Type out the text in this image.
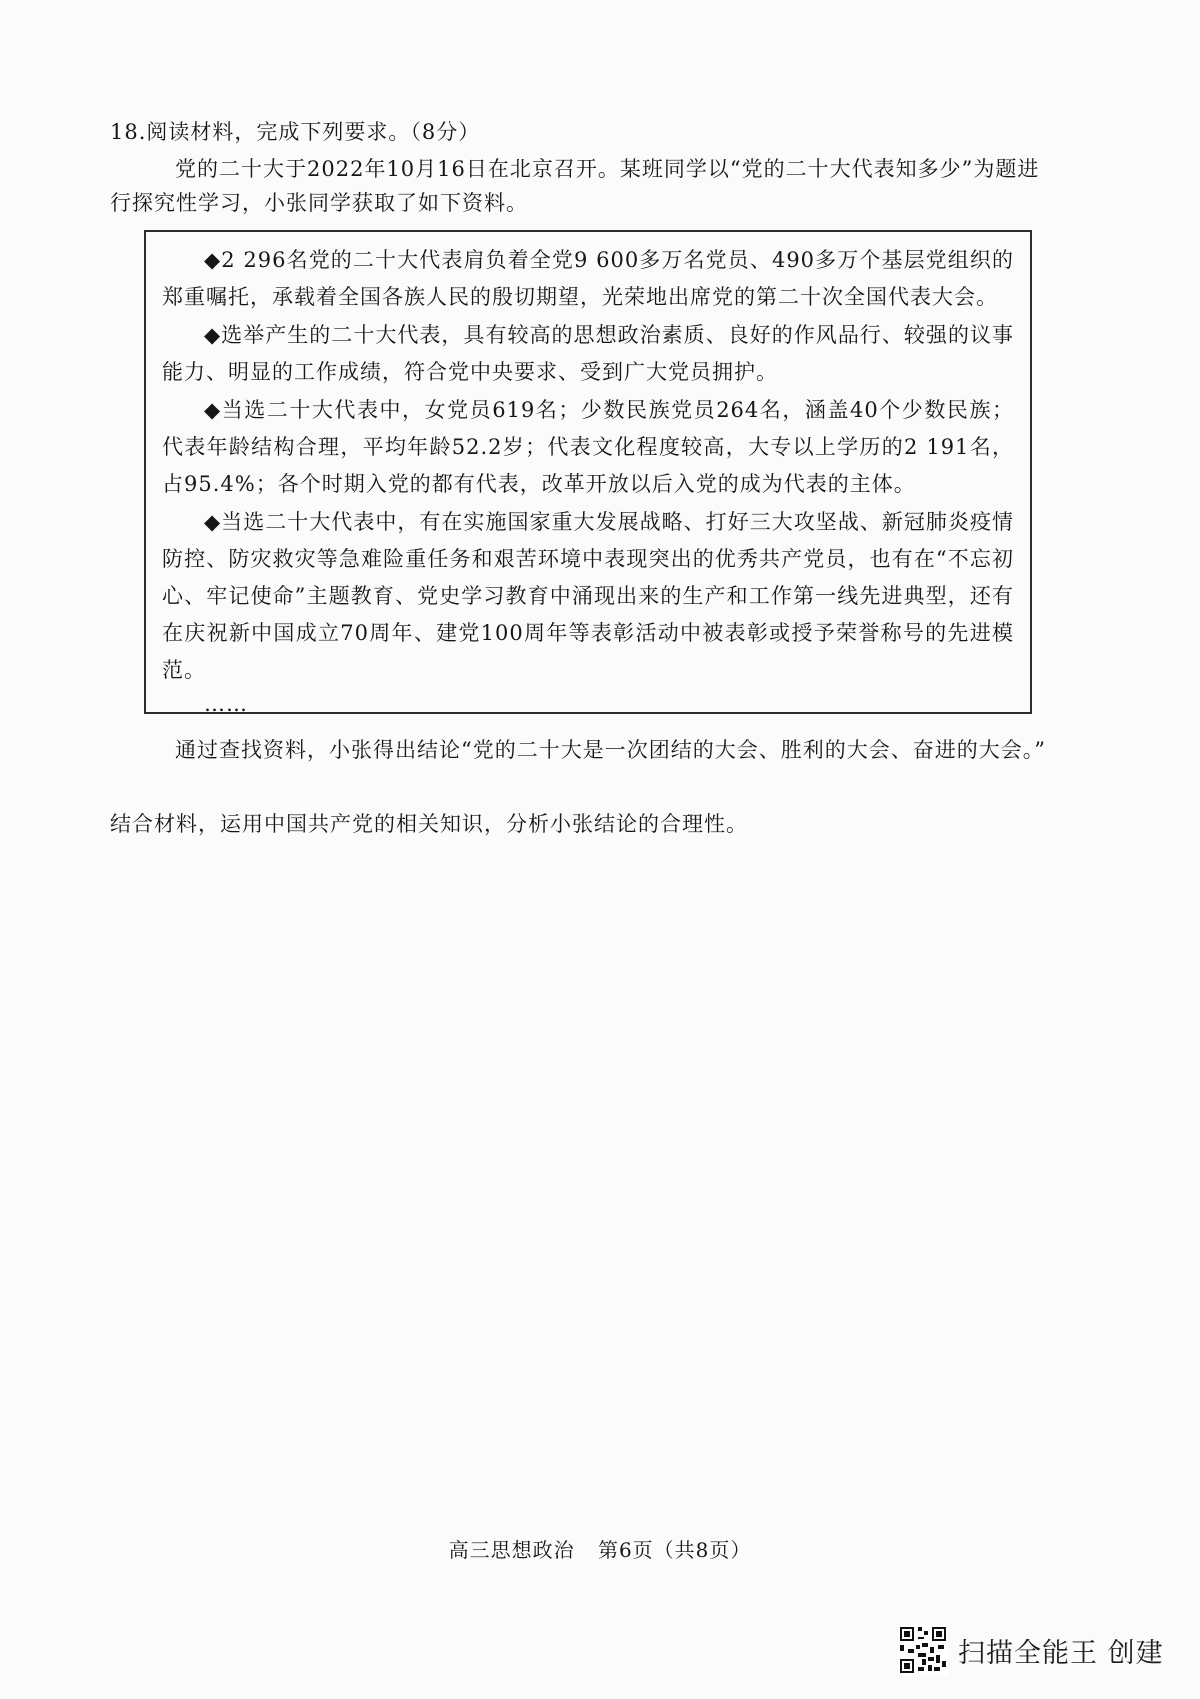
18.阅读材料，完成下列要求。（8分）
党的二十大于2022年10月16日在北京召开。某班同学以“党的二十大代表知多少”为题进行探究性学习，小张同学获取了如下资料。

◆2 296名党的二十大代表肩负着全党9 600多万名党员、490多万个基层党组织的郑重嘱托，承载着全国各族人民的殷切期望，光荣地出席党的第二十次全国代表大会。

◆选举产生的二十大代表，具有较高的思想政治素质、良好的作风品行、较强的议事能力、明显的工作成绩，符合党中央要求、受到广大党员拥护。

◆当选二十大代表中，女党员619名；少数民族党员264名，涵盖40个少数民族；代表年龄结构合理，平均年龄52.2岁；代表文化程度较高，大专以上学历的2 191名，占95.4%；各个时期入党的都有代表，改革开放以后入党的成为代表的主体。

◆当选二十大代表中，有在实施国家重大发展战略、打好三大攻坚战、新冠肺炎疫情防控、防灾救灾等急难险重任务和艰苦环境中表现突出的优秀共产党员，也有在“不忘初心、牢记使命”主题教育、党史学习教育中涌现出来的生产和工作第一线先进典型，还有在庆祝新中国成立70周年、建党100周年等表彰活动中被表彰或授予荣誉称号的先进模范。

……
通过查找资料，小张得出结论“党的二十大是一次团结的大会、胜利的大会、奋进的大会。”
结合材料，运用中国共产党的相关知识，分析小张结论的合理性。
高三思想政治 第6页（共8页）
扫描全能王 创建
